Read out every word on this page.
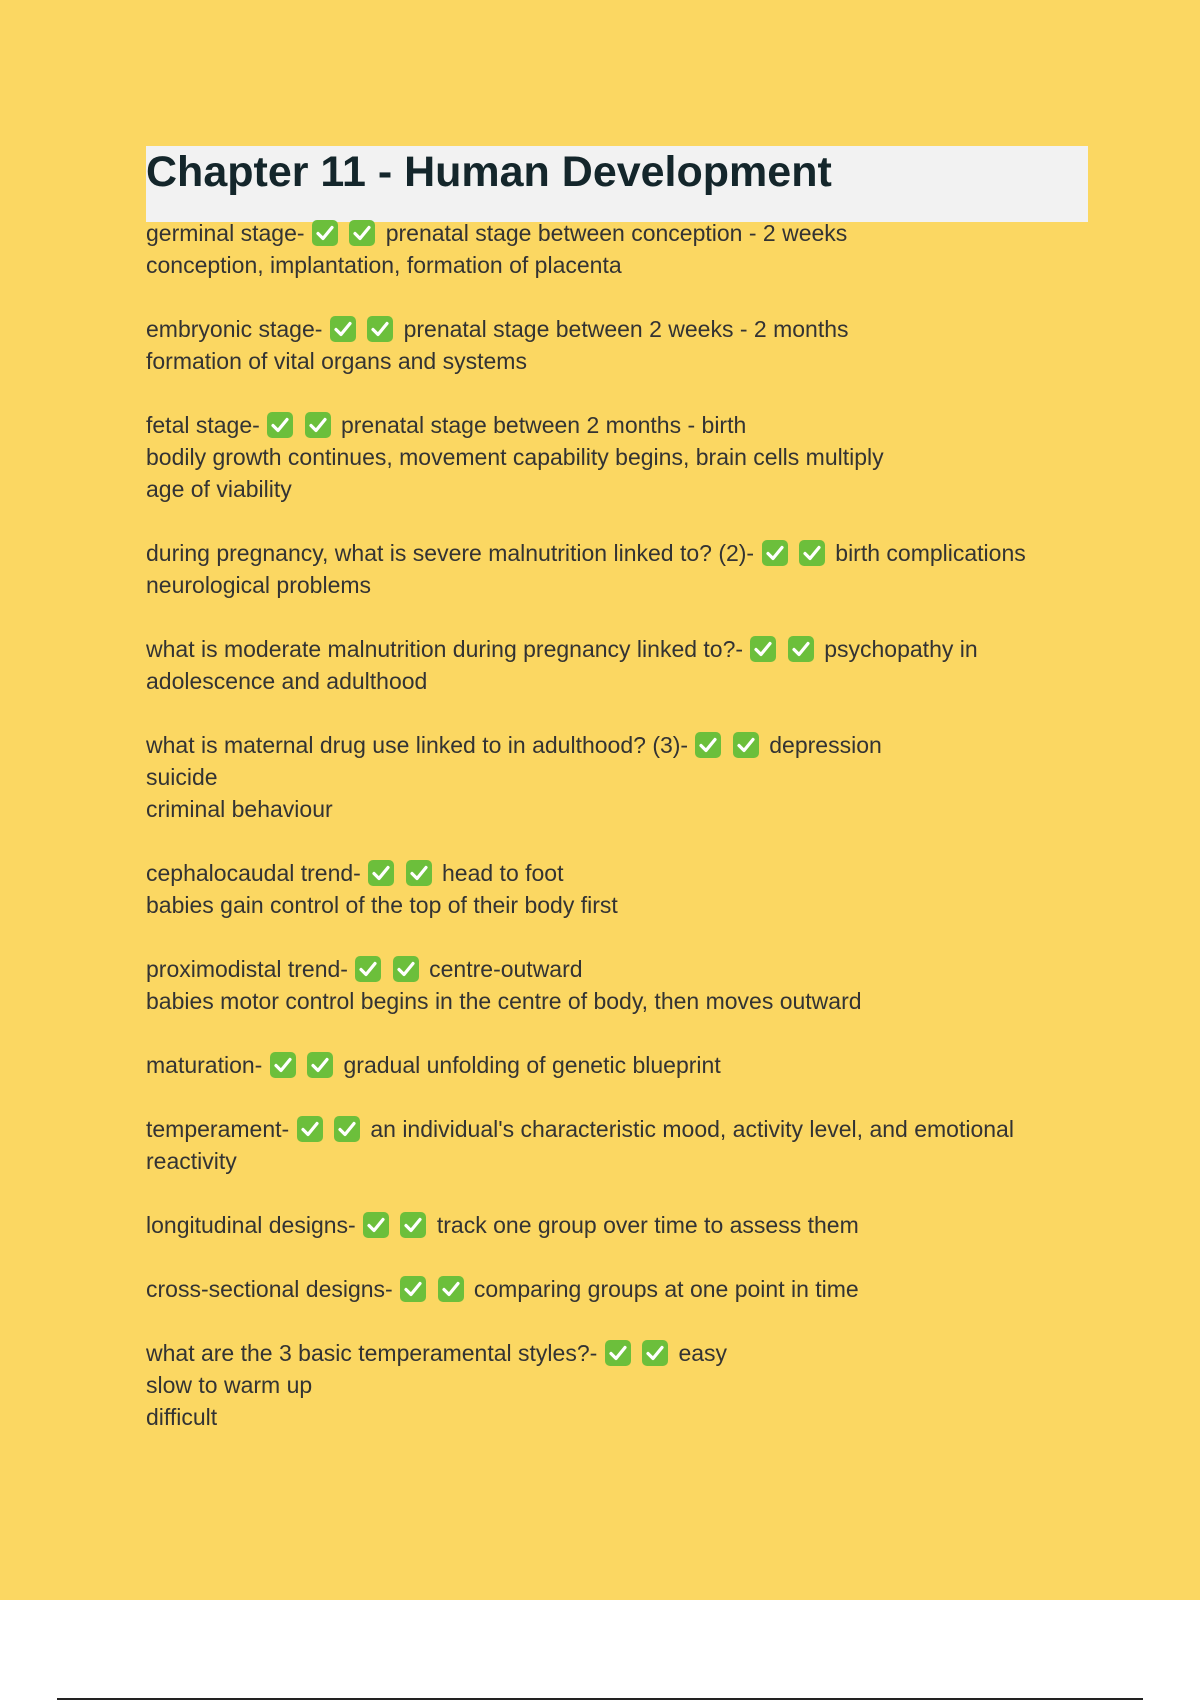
Chapter 11 - Human Development
germinal stage-
	prenatal stage between conception - 2 weeks
conception, implantation, formation of placenta
embryonic stage-
	prenatal stage between 2 weeks - 2 months
formation of vital organs and systems
fetal stage-
	prenatal stage between 2 months - birth
bodily growth continues, movement capability begins, brain cells multiply
age of viability
during pregnancy, what is severe malnutrition linked to? (2)-
	birth complications
neurological problems
what is moderate malnutrition during pregnancy linked to?-
	psychopathy in
adolescence and adulthood
what is maternal drug use linked to in adulthood? (3)-
	depression
suicide
criminal behaviour
cephalocaudal trend-
	head to foot
babies gain control of the top of their body first
proximodistal trend-
	centre-outward
babies motor control begins in the centre of body, then moves outward
maturation-
	gradual unfolding of genetic blueprint
temperament-
	an individual's characteristic mood, activity level, and emotional
reactivity
longitudinal designs-
	track one group over time to assess them
cross-sectional designs-
	comparing groups at one point in time
what are the 3 basic temperamental styles?-
	easy
slow to warm up
difficult
